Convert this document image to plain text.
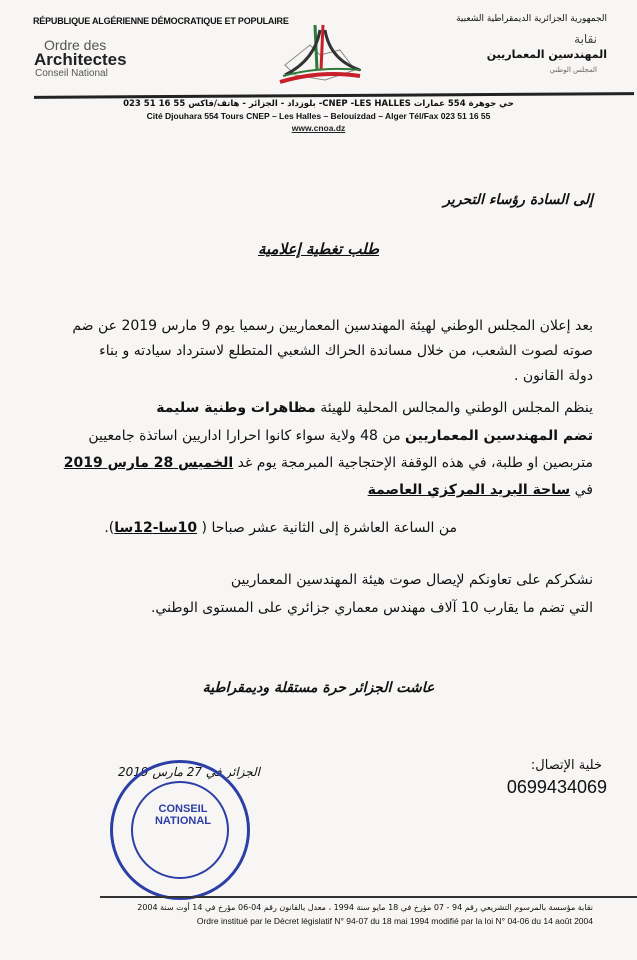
RÉPUBLIQUE ALGÉRIENNE DÉMOCRATIQUE ET POPULAIRE
Ordre des
Architectes
Conseil National
الجمهورية الجزائرية الديمقراطية الشعبية
نقابة
المهندسين المعماريين
المجلس الوطني
حي جوهرة 554 عمارات CNEP -LES HALLES- بلوزداد - الجزائر - هاتف/فاكس 55 16 51 023
Cité Djouhara 554 Tours CNEP – Les Halles – Belouizdad – Alger Tél/Fax 023 51 16 55
www.cnoa.dz
إلى السادة رؤساء التحرير
طلب تغطية إعلامية
بعد إعلان المجلس الوطني لهيئة المهندسين المعماريين رسميا يوم 9 مارس 2019 عن ضم
صوته لصوت الشعب، من خلال مساندة الحراك الشعبي المتطلع لاسترداد سيادته و بناء
دولة القانون .
ينظم المجلس الوطني والمجالس المحلية للهيئة مظاهرات وطنية سليمة
تضم المهندسين المعماريين من 48 ولاية سواء كانوا احرارا اداريين اساتذة جامعيين
متربصين او طلبة، في هذه الوقفة الإحتجاجية المبرمجة يوم غد الخميس 28 مارس 2019
في ساحة البريد المركزي العاصمة
من الساعة العاشرة إلى الثانية عشر صباحا ( 10سا-12سا).
نشكركم على تعاونكم لإيصال صوت هيئة المهندسين المعماريين
التي تضم ما يقارب 10 آلاف مهندس معماري جزائري على المستوى الوطني.
عاشت الجزائر حرة مستقلة وديمقراطية
الجزائر في 27 مارس 2019	خلية الإتصال:
0699434069
CONSEIL NATIONAL
نقابة مؤسسة بالمرسوم التشريعي رقم 94 - 07 مؤرخ في 18 مايو سنة 1994 ، معدل بالقانون رقم 04-06 مؤرخ في 14 أوت سنة 2004
Ordre institué par le Décret législatif N° 94-07 du 18 mai 1994 modifié par la loi N° 04-06 du 14 août 2004
